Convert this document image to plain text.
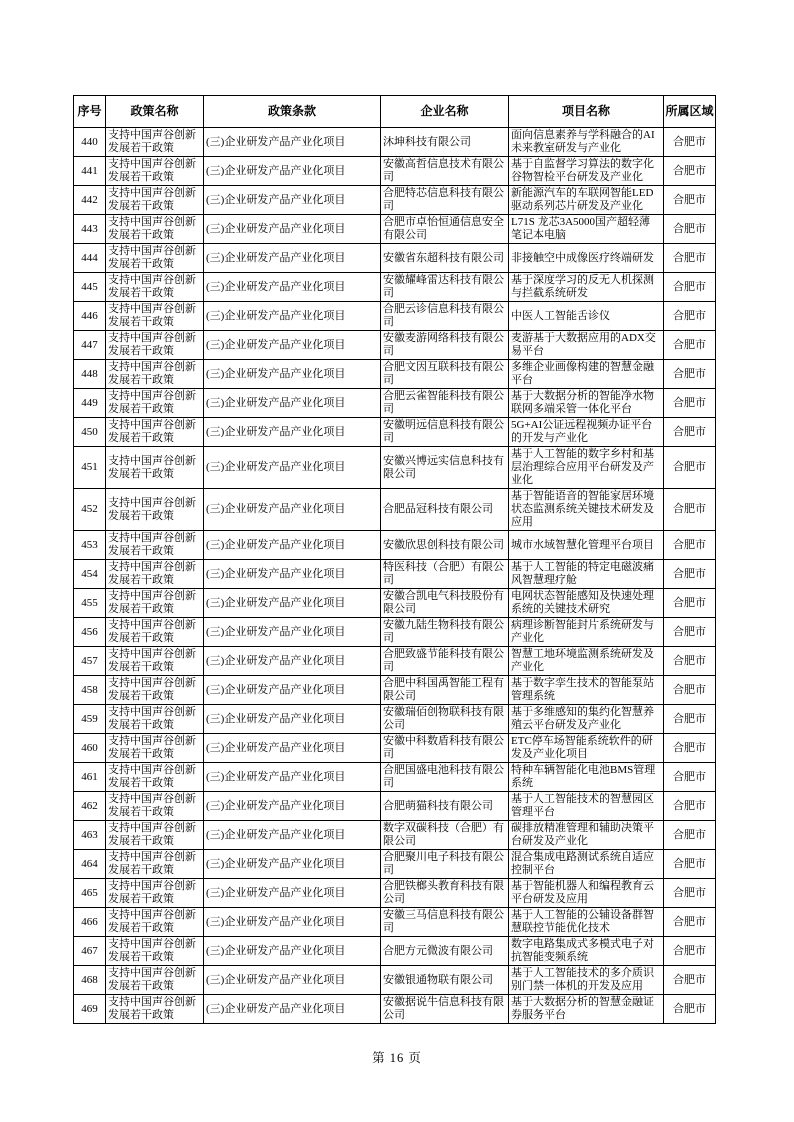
序号	政策名称	政策条款	企业名称	项目名称	所属区域
440	支持中国声谷创新发展若干政策	(三)企业研发产品产业化项目	沐坤科技有限公司	面向信息素养与学科融合的AI未来教室研发与产业化	合肥市
441	支持中国声谷创新发展若干政策	(三)企业研发产品产业化项目	安徽高哲信息技术有限公司	基于自监督学习算法的数字化谷物智检平台研发及产业化	合肥市
442	支持中国声谷创新发展若干政策	(三)企业研发产品产业化项目	合肥特芯信息科技有限公司	新能源汽车的车联网智能LED驱动系列芯片研发及产业化	合肥市
443	支持中国声谷创新发展若干政策	(三)企业研发产品产业化项目	合肥市卓怡恒通信息安全有限公司	L71S 龙芯3A5000国产超轻薄笔记本电脑	合肥市
444	支持中国声谷创新发展若干政策	(三)企业研发产品产业化项目	安徽省东超科技有限公司	非接触空中成像医疗终端研发	合肥市
445	支持中国声谷创新发展若干政策	(三)企业研发产品产业化项目	安徽耀峰雷达科技有限公司	基于深度学习的反无人机探测与拦截系统研发	合肥市
446	支持中国声谷创新发展若干政策	(三)企业研发产品产业化项目	合肥云诊信息科技有限公司	中医人工智能舌诊仪	合肥市
447	支持中国声谷创新发展若干政策	(三)企业研发产品产业化项目	安徽麦游网络科技有限公司	麦游基于大数据应用的ADX交易平台	合肥市
448	支持中国声谷创新发展若干政策	(三)企业研发产品产业化项目	合肥文因互联科技有限公司	多维企业画像构建的智慧金融平台	合肥市
449	支持中国声谷创新发展若干政策	(三)企业研发产品产业化项目	合肥云雀智能科技有限公司	基于大数据分析的智能净水物联网多端采管一体化平台	合肥市
450	支持中国声谷创新发展若干政策	(三)企业研发产品产业化项目	安徽明远信息科技有限公司	5G+AI公证远程视频办证平台的开发与产业化	合肥市
451	支持中国声谷创新发展若干政策	(三)企业研发产品产业化项目	安徽兴博远实信息科技有限公司	基于人工智能的数字乡村和基层治理综合应用平台研发及产业化	合肥市
452	支持中国声谷创新发展若干政策	(三)企业研发产品产业化项目	合肥品冠科技有限公司	基于智能语音的智能家居环境状态监测系统关键技术研发及应用	合肥市
453	支持中国声谷创新发展若干政策	(三)企业研发产品产业化项目	安徽欣思创科技有限公司	城市水域智慧化管理平台项目	合肥市
454	支持中国声谷创新发展若干政策	(三)企业研发产品产业化项目	特医科技（合肥）有限公司	基于人工智能的特定电磁波痛风智慧理疗舱	合肥市
455	支持中国声谷创新发展若干政策	(三)企业研发产品产业化项目	安徽合凯电气科技股份有限公司	电网状态智能感知及快速处理系统的关键技术研究	合肥市
456	支持中国声谷创新发展若干政策	(三)企业研发产品产业化项目	安徽九陆生物科技有限公司	病理诊断智能封片系统研发与产业化	合肥市
457	支持中国声谷创新发展若干政策	(三)企业研发产品产业化项目	合肥致盛节能科技有限公司	智慧工地环境监测系统研发及产业化	合肥市
458	支持中国声谷创新发展若干政策	(三)企业研发产品产业化项目	合肥中科国禹智能工程有限公司	基于数字孪生技术的智能泵站管理系统	合肥市
459	支持中国声谷创新发展若干政策	(三)企业研发产品产业化项目	安徽瑞佰创物联科技有限公司	基于多维感知的集约化智慧养殖云平台研发及产业化	合肥市
460	支持中国声谷创新发展若干政策	(三)企业研发产品产业化项目	安徽中科数盾科技有限公司	ETC停车场智能系统软件的研发及产业化项目	合肥市
461	支持中国声谷创新发展若干政策	(三)企业研发产品产业化项目	合肥国盛电池科技有限公司	特种车辆智能化电池BMS管理系统	合肥市
462	支持中国声谷创新发展若干政策	(三)企业研发产品产业化项目	合肥萌猫科技有限公司	基于人工智能技术的智慧园区管理平台	合肥市
463	支持中国声谷创新发展若干政策	(三)企业研发产品产业化项目	数字双碳科技（合肥）有限公司	碳排放精准管理和辅助决策平台研发及产业化	合肥市
464	支持中国声谷创新发展若干政策	(三)企业研发产品产业化项目	合肥聚川电子科技有限公司	混合集成电路测试系统自适应控制平台	合肥市
465	支持中国声谷创新发展若干政策	(三)企业研发产品产业化项目	合肥铁榔头教育科技有限公司	基于智能机器人和编程教育云平台研发及应用	合肥市
466	支持中国声谷创新发展若干政策	(三)企业研发产品产业化项目	安徽三马信息科技有限公司	基于人工智能的公辅设备群智慧联控节能优化技术	合肥市
467	支持中国声谷创新发展若干政策	(三)企业研发产品产业化项目	合肥方元微波有限公司	数字电路集成式多模式电子对抗智能变频系统	合肥市
468	支持中国声谷创新发展若干政策	(三)企业研发产品产业化项目	安徽银通物联有限公司	基于人工智能技术的多介质识别门禁一体机的开发及应用	合肥市
469	支持中国声谷创新发展若干政策	(三)企业研发产品产业化项目	安徽据说牛信息科技有限公司	基于大数据分析的智慧金融证券服务平台	合肥市
第 16 页
